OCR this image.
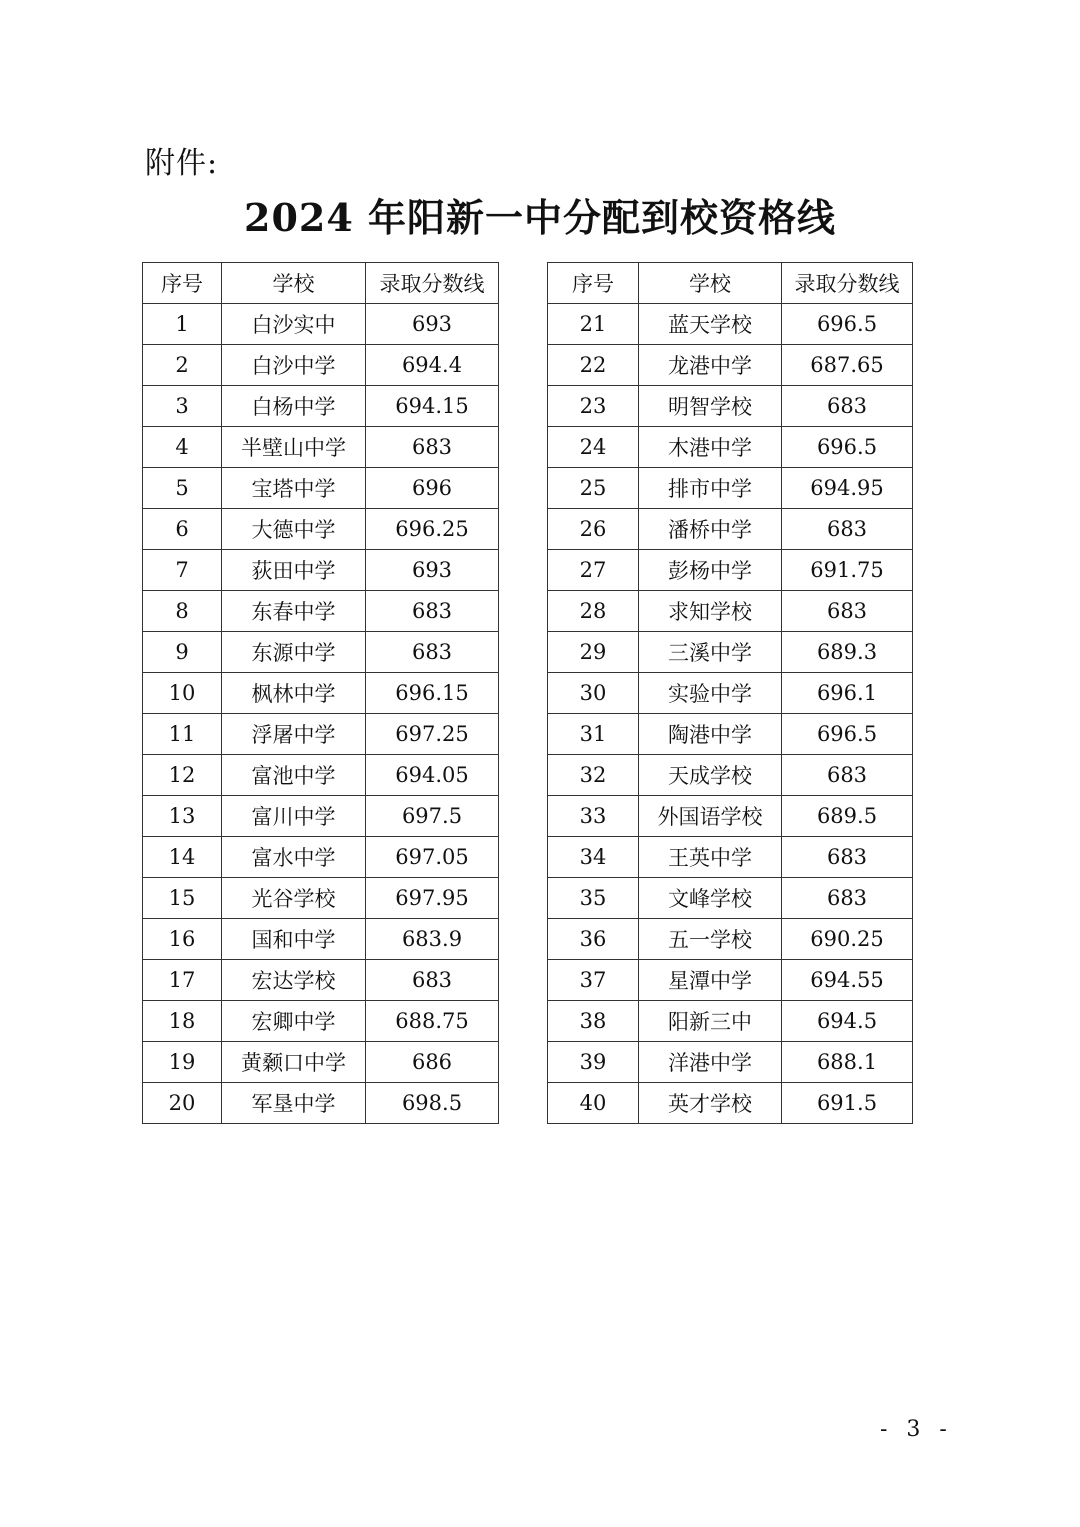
附件:
2024 年阳新一中分配到校资格线
序号	学校	录取分数线
1	白沙实中	693
2	白沙中学	694.4
3	白杨中学	694.15
4	半壁山中学	683
5	宝塔中学	696
6	大德中学	696.25
7	荻田中学	693
8	东春中学	683
9	东源中学	683
10	枫林中学	696.15
11	浮屠中学	697.25
12	富池中学	694.05
13	富川中学	697.5
14	富水中学	697.05
15	光谷学校	697.95
16	国和中学	683.9
17	宏达学校	683
18	宏卿中学	688.75
19	黄颡口中学	686
20	军垦中学	698.5
序号	学校	录取分数线
21	蓝天学校	696.5
22	龙港中学	687.65
23	明智学校	683
24	木港中学	696.5
25	排市中学	694.95
26	潘桥中学	683
27	彭杨中学	691.75
28	求知学校	683
29	三溪中学	689.3
30	实验中学	696.1
31	陶港中学	696.5
32	天成学校	683
33	外国语学校	689.5
34	王英中学	683
35	文峰学校	683
36	五一学校	690.25
37	星潭中学	694.55
38	阳新三中	694.5
39	洋港中学	688.1
40	英才学校	691.5
- 3 -
